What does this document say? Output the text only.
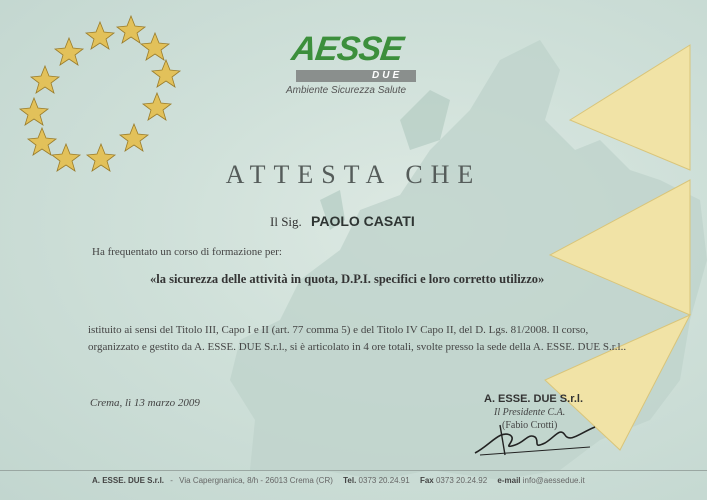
AESSE
DUE
Ambiente Sicurezza Salute
ATTESTA CHE
Il Sig. PAOLO CASATI
Ha frequentato un corso di formazione per:
«la sicurezza delle attività in quota, D.P.I. specifici e loro corretto utilizzo»
istituito ai sensi del Titolo III, Capo I e II (art. 77 comma 5) e del Titolo IV Capo II, del D. Lgs. 81/2008. Il corso,
organizzato e gestito da A. ESSE. DUE S.r.l., si è articolato in 4 ore totali, svolte presso la sede della A. ESSE. DUE S.r.l..
Crema, lì 13 marzo 2009	A. ESSE. DUE S.r.l.
Il Presidente C.A.
(Fabio Crotti)
A. ESSE. DUE S.r.l. - Via Capergnanica, 8/h - 26013 Crema (CR) Tel. 0373 20.24.91 Fax 0373 20.24.92 e-mail info@aessedue.it
